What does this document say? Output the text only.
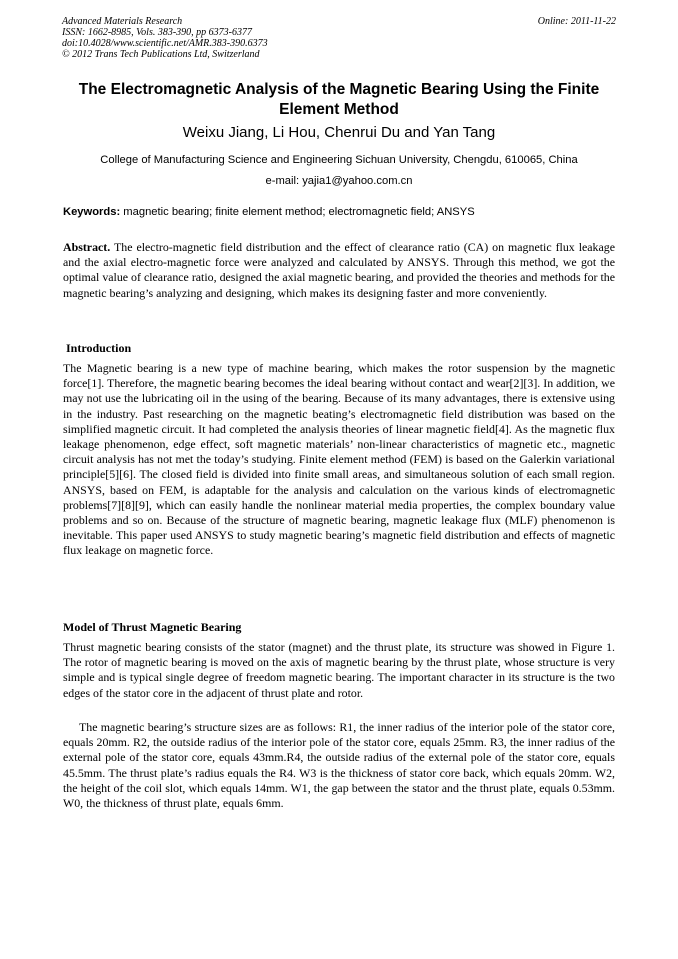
Advanced Materials Research
ISSN: 1662-8985, Vols. 383-390, pp 6373-6377
doi:10.4028/www.scientific.net/AMR.383-390.6373
© 2012 Trans Tech Publications Ltd, Switzerland
Online: 2011-11-22
The Electromagnetic Analysis of the Magnetic Bearing Using the Finite Element Method
Weixu Jiang, Li Hou, Chenrui Du and Yan Tang
College of Manufacturing Science and Engineering Sichuan University, Chengdu, 610065, China
e-mail: yajia1@yahoo.com.cn
Keywords: magnetic bearing; finite element method; electromagnetic field; ANSYS
Abstract. The electro-magnetic field distribution and the effect of clearance ratio (CA) on magnetic flux leakage and the axial electro-magnetic force were analyzed and calculated by ANSYS. Through this method, we got the optimal value of clearance ratio, designed the axial magnetic bearing, and provided the theories and methods for the magnetic bearing’s analyzing and designing, which makes its designing faster and more conveniently.
Introduction
The Magnetic bearing is a new type of machine bearing, which makes the rotor suspension by the magnetic force[1]. Therefore, the magnetic bearing becomes the ideal bearing without contact and wear[2][3]. In addition, we may not use the lubricating oil in the using of the bearing. Because of its many advantages, there is extensive using in the industry. Past researching on the magnetic beating’s electromagnetic field distribution was based on the simplified magnetic circuit. It had completed the analysis theories of linear magnetic field[4]. As the magnetic flux leakage phenomenon, edge effect, soft magnetic materials’ non-linear characteristics of magnetic etc., magnetic circuit analysis has not met the today’s studying. Finite element method (FEM) is based on the Galerkin variational principle[5][6]. The closed field is divided into finite small areas, and simultaneous solution of each small region. ANSYS, based on FEM, is adaptable for the analysis and calculation on the various kinds of electromagnetic problems[7][8][9], which can easily handle the nonlinear material media properties, the complex boundary value problems and so on. Because of the structure of magnetic bearing, magnetic leakage flux (MLF) phenomenon is inevitable. This paper used ANSYS to study magnetic bearing’s magnetic field distribution and effects of magnetic flux leakage on magnetic force.
Model of Thrust Magnetic Bearing
Thrust magnetic bearing consists of the stator (magnet) and the thrust plate, its structure was showed in Figure 1. The rotor of magnetic bearing is moved on the axis of magnetic bearing by the thrust plate, whose structure is very simple and is typical single degree of freedom magnetic bearing. The important character in its structure is the two edges of the stator core in the adjacent of thrust plate and rotor.
The magnetic bearing’s structure sizes are as follows: R1, the inner radius of the interior pole of the stator core, equals 20mm. R2, the outside radius of the interior pole of the stator core, equals 25mm. R3, the inner radius of the external pole of the stator core, equals 43mm.R4, the outside radius of the external pole of the stator core, equals 45.5mm. The thrust plate’s radius equals the R4. W3 is the thickness of stator core back, which equals 20mm. W2, the height of the coil slot, which equals 14mm. W1, the gap between the stator and the thrust plate, equals 0.53mm. W0, the thickness of thrust plate, equals 6mm.
